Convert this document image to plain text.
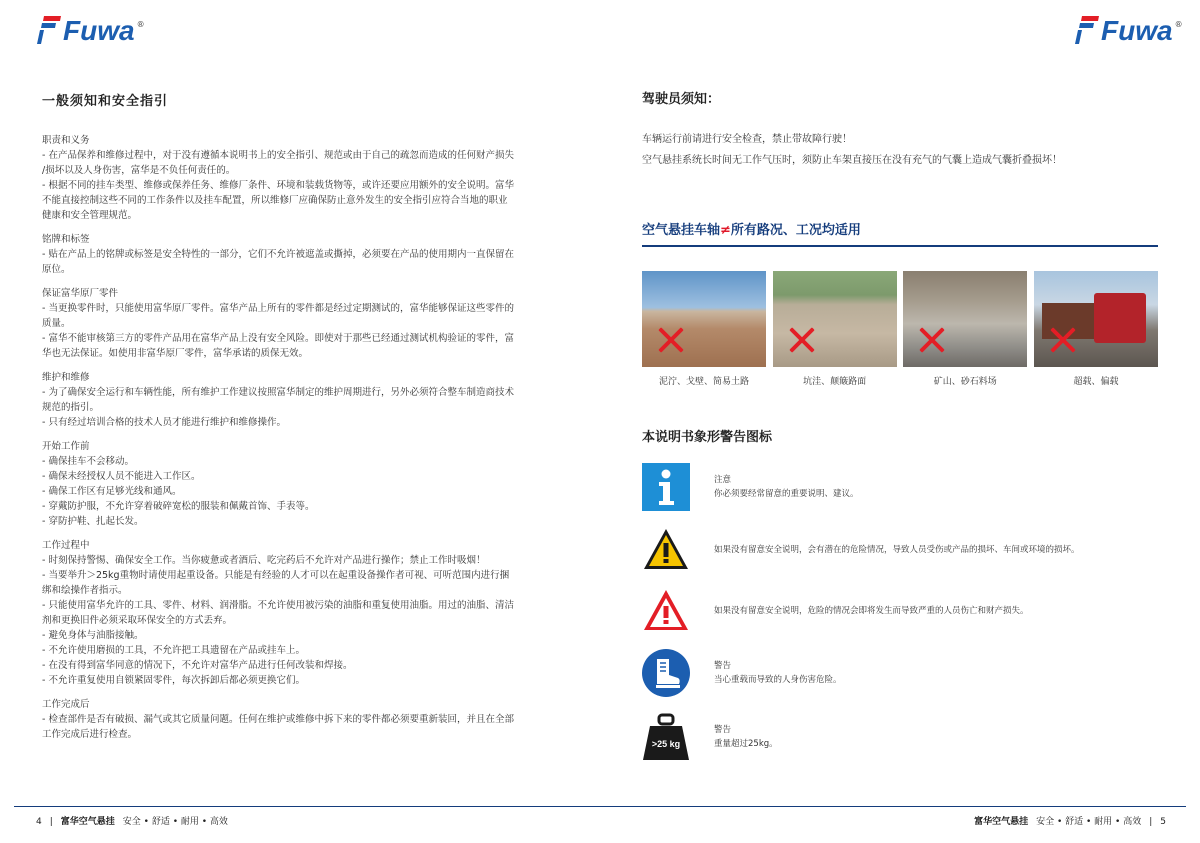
Fuwa ®
一般须知和安全指引
职责和义务
- 在产品保养和维修过程中，对于没有遵循本说明书上的安全指引、规范或由于自己的疏忽而造成的任何财产损失
/损坏以及人身伤害，富华是不负任何责任的。
- 根据不同的挂车类型、维修或保养任务、维修厂条件、环境和装载货物等，或许还要应用额外的安全说明。富华
不能直接控制这些不同的工作条件以及挂车配置，所以维修厂应确保防止意外发生的安全指引应符合当地的职业
健康和安全管理规范。
铭牌和标签
- 贴在产品上的铭牌或标签是安全特性的一部分，它们不允许被遮盖或撕掉，必须要在产品的使用期内一直保留在
原位。
保证富华原厂零件
- 当更换零件时，只能使用富华原厂零件。富华产品上所有的零件都是经过定期测试的，富华能够保证这些零件的
质量。
- 富华不能审核第三方的零件产品用在富华产品上没有安全风险。即使对于那些已经通过测试机构验证的零件，富
华也无法保证。如使用非富华原厂零件，富华承诺的质保无效。
维护和维修
- 为了确保安全运行和车辆性能，所有维护工作建议按照富华制定的维护周期进行，另外必须符合整车制造商技术
规范的指引。
- 只有经过培训合格的技术人员才能进行维护和维修操作。
开始工作前
- 确保挂车不会移动。
- 确保未经授权人员不能进入工作区。
- 确保工作区有足够光线和通风。
- 穿戴防护服，不允许穿着破碎宽松的服装和佩戴首饰、手表等。
- 穿防护鞋、扎起长发。
工作过程中
- 时刻保持警惕、确保安全工作。当你疲惫或者酒后、吃完药后不允许对产品进行操作；禁止工作时吸烟！
- 当要举升＞25kg重物时请使用起重设备。只能是有经验的人才可以在起重设备操作者可视、可听范围内进行捆
绑和绘操作者指示。
- 只能使用富华允许的工具、零件、材料、润滑脂。不允许使用被污染的油脂和重复使用油脂。用过的油脂、清洁
剂和更换旧件必须采取环保安全的方式丢弃。
- 避免身体与油脂接触。
- 不允许使用磨损的工具，不允许把工具遗留在产品或挂车上。
- 在没有得到富华同意的情况下，不允许对富华产品进行任何改装和焊接。
- 不允许重复使用自锁紧固零件，每次拆卸后都必须更换它们。
工作完成后
- 检查部件是否有破损、漏气或其它质量问题。任何在维护或维修中拆下来的零件都必须要重新装回，并且在全部
工作完成后进行检查。
4 | 富华空气悬挂 安全 • 舒适 • 耐用 • 高效
Fuwa ®
驾驶员须知：
车辆运行前请进行安全检查，禁止带故障行驶！
空气悬挂系统长时间无工作气压时，须防止车架直接压在没有充气的气囊上造成气囊折叠损坏！
空气悬挂车轴≠所有路况、工况均适用
泥泞、戈壁、简易土路	坑洼、颠簸路面	矿山、砂石料场	超载、偏载
本说明书象形警告图标
注意
你必须要经常留意的重要说明、建议。
如果没有留意安全说明，会有潜在的危险情况，导致人员受伤或产品的损坏、车间或环境的损坏。
如果没有留意安全说明，危险的情况会即将发生而导致严重的人员伤亡和财产损失。
警告
当心重载而导致的人身伤害危险。
>25 kg
警告
重量超过25kg。
富华空气悬挂 安全 • 舒适 • 耐用 • 高效 | 5
